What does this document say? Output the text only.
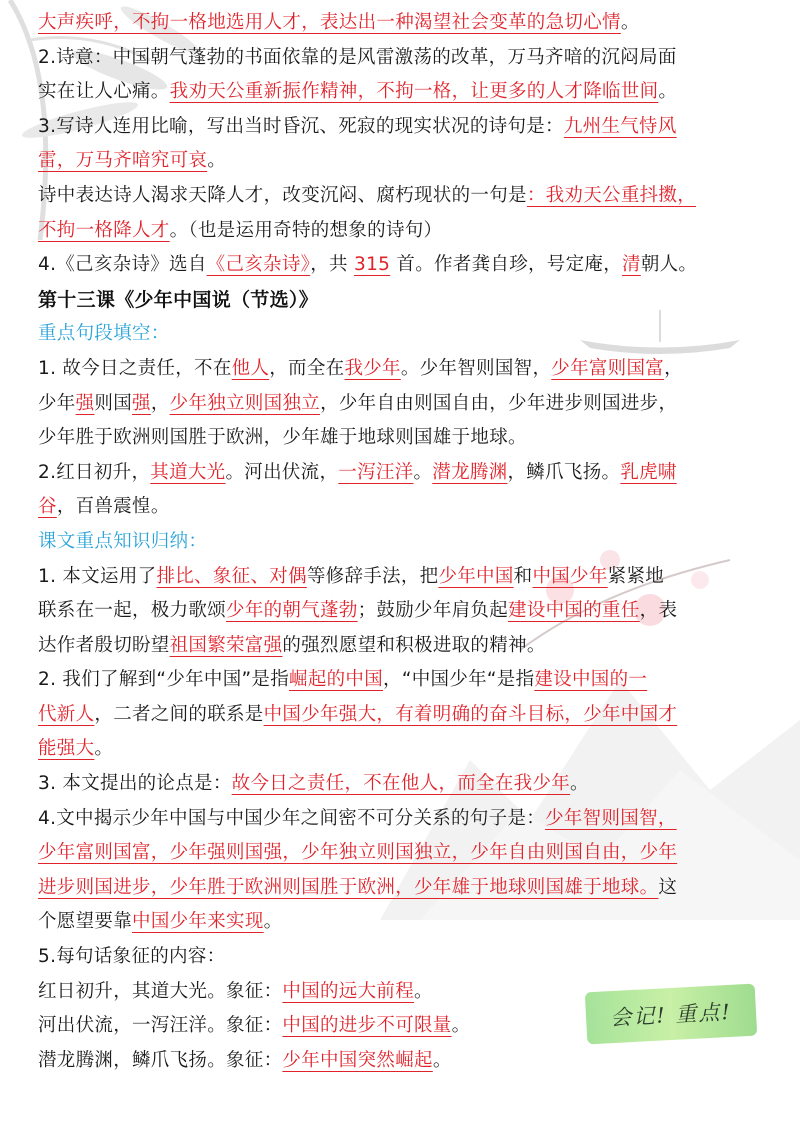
大声疾呼，不拘一格地选用人才，表达出一种渴望社会变革的急切心情。
2.诗意：中国朝气蓬勃的书面依靠的是风雷激荡的改革，万马齐喑的沉闷局面
实在让人心痛。我劝天公重新振作精神，不拘一格，让更多的人才降临世间。
3.写诗人连用比喻，写出当时昏沉、死寂的现实状况的诗句是：九州生气恃风
雷，万马齐喑究可哀。
诗中表达诗人渴求天降人才，改变沉闷、腐朽现状的一句是：我劝天公重抖擞，
不拘一格降人才。（也是运用奇特的想象的诗句）
4.《己亥杂诗》选自《己亥杂诗》，共 315 首。作者龚自珍，号定庵，清朝人。
第十三课《少年中国说（节选）》
重点句段填空：
1. 故今日之责任，不在他人，而全在我少年。少年智则国智，少年富则国富，
少年强则国强，少年独立则国独立，少年自由则国自由，少年进步则国进步，
少年胜于欧洲则国胜于欧洲，少年雄于地球则国雄于地球。
2.红日初升，其道大光。河出伏流，一泻汪洋。潜龙腾渊，鳞爪飞扬。乳虎啸
谷，百兽震惶。
课文重点知识归纳：
1. 本文运用了排比、象征、对偶等修辞手法，把少年中国和中国少年紧紧地
联系在一起，极力歌颂少年的朝气蓬勃；鼓励少年肩负起建设中国的重任，表
达作者殷切盼望祖国繁荣富强的强烈愿望和积极进取的精神。
2. 我们了解到“少年中国”是指崛起的中国，“中国少年“是指建设中国的一
代新人，二者之间的联系是中国少年强大，有着明确的奋斗目标，少年中国才
能强大。
3. 本文提出的论点是：故今日之责任，不在他人，而全在我少年。
4.文中揭示少年中国与中国少年之间密不可分关系的句子是：少年智则国智，
少年富则国富，少年强则国强，少年独立则国独立，少年自由则国自由，少年
进步则国进步，少年胜于欧洲则国胜于欧洲，少年雄于地球则国雄于地球。这
个愿望要靠中国少年来实现。
5.每句话象征的内容：
红日初升，其道大光。象征：中国的远大前程。
河出伏流，一泻汪洋。象征：中国的进步不可限量。
潜龙腾渊，鳞爪飞扬。象征：少年中国突然崛起。
会记! 重点!
